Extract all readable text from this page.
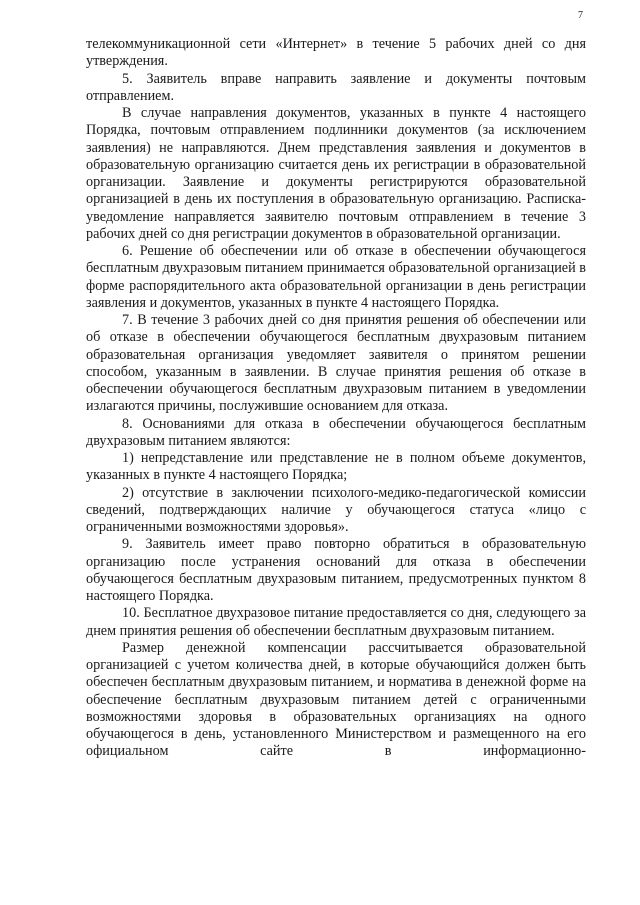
7

телекоммуникационной сети «Интернет» в течение 5 рабочих дней со дня утверждения.

5. Заявитель вправе направить заявление и документы почтовым отправлением.

В случае направления документов, указанных в пункте 4 настоящего Порядка, почтовым отправлением подлинники документов (за исключением заявления) не направляются. Днем представления заявления и документов в образовательную организацию считается день их регистрации в образовательной организации. Заявление и документы регистрируются образовательной организацией в день их поступления в образовательную организацию. Расписка-уведомление направляется заявителю почтовым отправлением в течение 3 рабочих дней со дня регистрации документов в образовательной организации.

6. Решение об обеспечении или об отказе в обеспечении обучающегося бесплатным двухразовым питанием принимается образовательной организацией в форме распорядительного акта образовательной организации в день регистрации заявления и документов, указанных в пункте 4 настоящего Порядка.

7. В течение 3 рабочих дней со дня принятия решения об обеспечении или об отказе в обеспечении обучающегося бесплатным двухразовым питанием образовательная организация уведомляет заявителя о принятом решении способом, указанным в заявлении. В случае принятия решения об отказе в обеспечении обучающегося бесплатным двухразовым питанием в уведомлении излагаются причины, послужившие основанием для отказа.

8. Основаниями для отказа в обеспечении обучающегося бесплатным двухразовым питанием являются:

1) непредставление или представление не в полном объеме документов, указанных в пункте 4 настоящего Порядка;

2) отсутствие в заключении психолого-медико-педагогической комиссии сведений, подтверждающих наличие у обучающегося статуса «лицо с ограниченными возможностями здоровья».

9. Заявитель имеет право повторно обратиться в образовательную организацию после устранения оснований для отказа в обеспечении обучающегося бесплатным двухразовым питанием, предусмотренных пунктом 8 настоящего Порядка.

10. Бесплатное двухразовое питание предоставляется со дня, следующего за днем принятия решения об обеспечении бесплатным двухразовым питанием.

Размер денежной компенсации рассчитывается образовательной организацией с учетом количества дней, в которые обучающийся должен быть обеспечен бесплатным двухразовым питанием, и норматива в денежной форме на обеспечение бесплатным двухразовым питанием детей с ограниченными возможностями здоровья в образовательных организациях на одного обучающегося в день, установленного Министерством и размещенного на его официальном сайте в информационно-
